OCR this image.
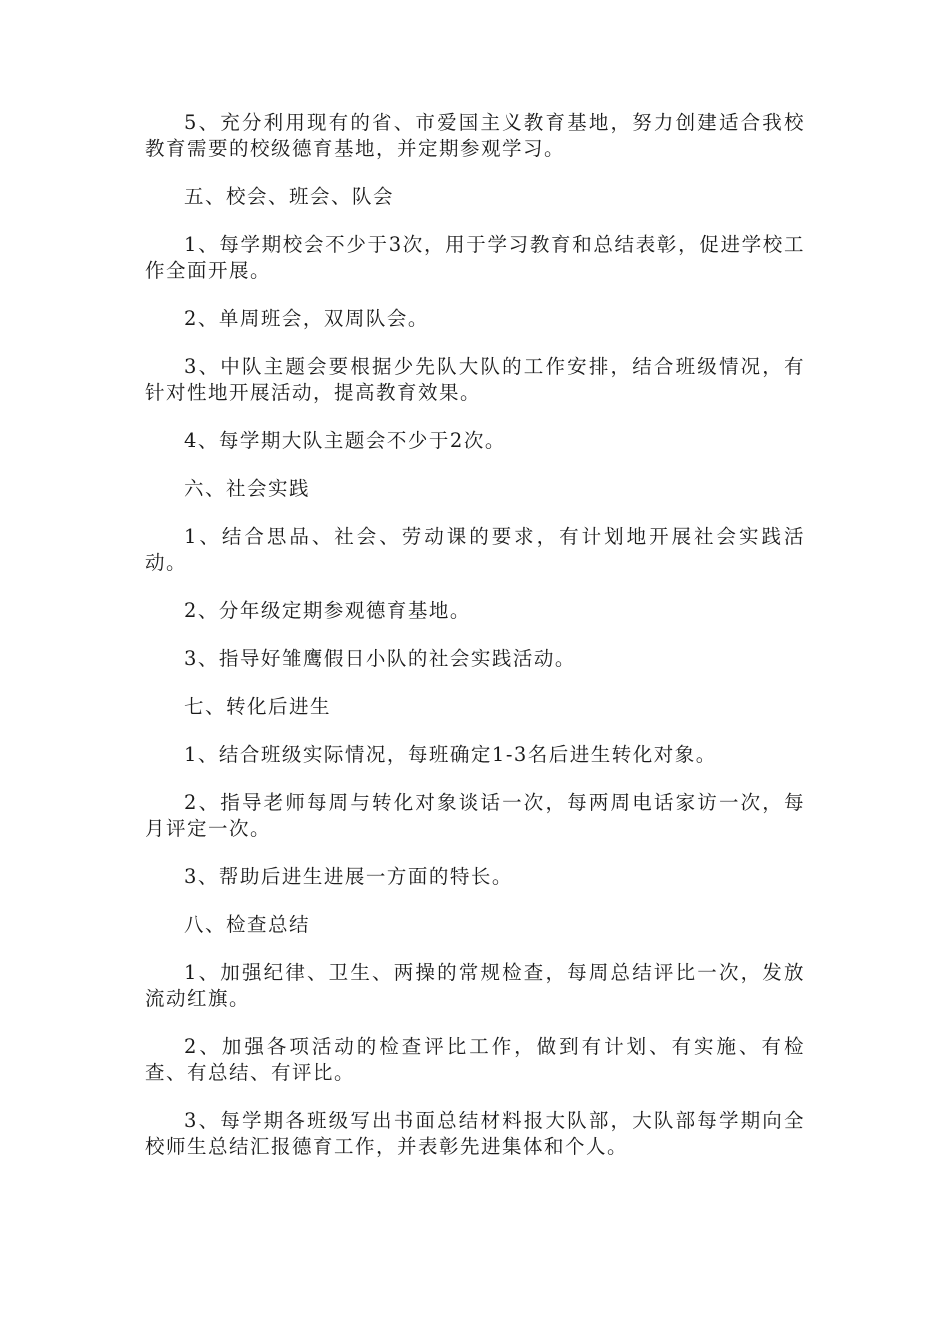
5、充分利用现有的省、市爱国主义教育基地，努力创建适合我校教育需要的校级德育基地，并定期参观学习。

五、校会、班会、队会

1、每学期校会不少于3次，用于学习教育和总结表彰，促进学校工作全面开展。

2、单周班会，双周队会。

3、中队主题会要根据少先队大队的工作安排，结合班级情况，有针对性地开展活动，提高教育效果。

4、每学期大队主题会不少于2次。

六、社会实践

1、结合思品、社会、劳动课的要求，有计划地开展社会实践活动。

2、分年级定期参观德育基地。

3、指导好雏鹰假日小队的社会实践活动。

七、转化后进生

1、结合班级实际情况，每班确定1-3名后进生转化对象。

2、指导老师每周与转化对象谈话一次，每两周电话家访一次，每月评定一次。

3、帮助后进生进展一方面的特长。

八、检查总结

1、加强纪律、卫生、两操的常规检查，每周总结评比一次，发放流动红旗。

2、加强各项活动的检查评比工作，做到有计划、有实施、有检查、有总结、有评比。

3、每学期各班级写出书面总结材料报大队部，大队部每学期向全校师生总结汇报德育工作，并表彰先进集体和个人。
